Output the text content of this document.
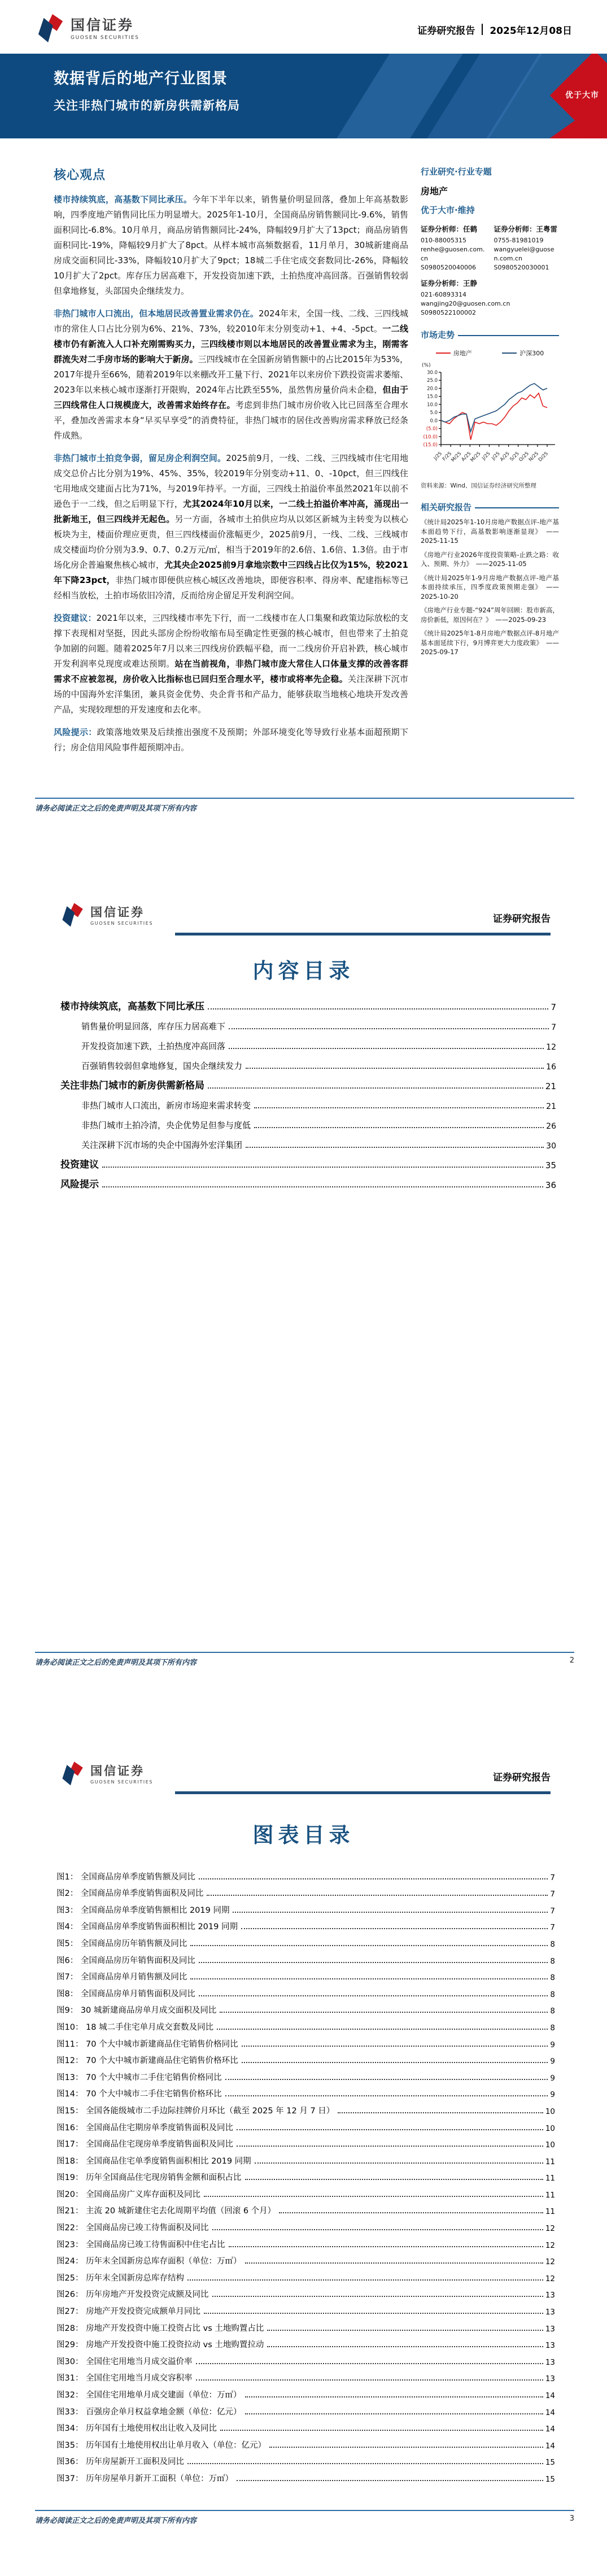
国信证券
GUOSEN SECURITIES
证券研究报告 2025年12月08日
优于大市
数据背后的地产行业图景
关注非热门城市的新房供需新格局
核心观点

楼市持续筑底，高基数下同比承压。今年下半年以来，销售量价明显回落，叠加上年高基数影响，四季度地产销售同比压力明显增大。2025年1-10月，全国商品房销售额同比-9.6%，销售面积同比-6.8%。10月单月，商品房销售额同比-24%，降幅较9月扩大了13pct；商品房销售面积同比-19%，降幅较9月扩大了8pct。从样本城市高频数据看，11月单月，30城新建商品房成交面积同比-33%，降幅较10月扩大了9pct；18城二手住宅成交套数同比-26%，降幅较10月扩大了2pct。库存压力居高难下，开发投资加速下跌，土拍热度冲高回落。百强销售较弱但拿地修复，头部国央企继续发力。

非热门城市人口流出，但本地居民改善置业需求仍在。2024年末，全国一线、二线、三四线城市的常住人口占比分别为6%、21%、73%，较2010年末分别变动+1、+4、-5pct。一二线楼市仍有新流入人口补充刚需购买力，三四线楼市则以本地居民的改善置业需求为主，刚需客群流失对二手房市场的影响大于新房。三四线城市在全国新房销售额中的占比2015年为53%，2017年提升至66%，随着2019年以来棚改开工量下行、2021年以来房价下跌投资需求萎缩、2023年以来核心城市逐渐打开限购，2024年占比跌至55%，虽然售房量价尚未企稳，但由于三四线常住人口规模庞大，改善需求始终存在。考虑到非热门城市房价收入比已回落至合理水平，叠加改善需求本身“早买早享受”的消费特征，非热门城市的居住改善购房需求释放已经条件成熟。

非热门城市土拍竞争弱，留足房企利润空间。2025前9月，一线、二线、三四线城市住宅用地成交总价占比分别为19%、45%、35%，较2019年分别变动+11、0、-10pct，但三四线住宅用地成交建面占比为71%，与2019年持平。一方面，三四线土拍溢价率虽然2021年以前不逊色于一二线，但之后明显下行，尤其2024年10月以来，一二线土拍溢价率冲高，涌现出一批新地王，但三四线并无起色。另一方面，各城市土拍供应均从以郊区新城为主转变为以核心板块为主，楼面价理应更贵，但三四线楼面价涨幅更少，2025前9月，一线、二线、三线城市成交楼面均价分别为3.9、0.7、0.2万元/㎡，相当于2019年的2.6倍、1.6倍、1.3倍。由于市场化房企普遍聚焦核心城市，尤其央企2025前9月拿地宗数中三四线占比仅为15%，较2021年下降23pct，非热门城市即便供应核心城区改善地块，即便容积率、得房率、配建指标等已经相当放松，土拍市场依旧冷清，反而给房企留足开发利润空间。

投资建议：2021年以来，三四线楼市率先下行，而一二线楼市在人口集聚和政策边际放松的支撑下表现相对坚挺，因此头部房企纷纷收缩布局至确定性更强的核心城市，但也带来了土拍竞争加剧的问题。随着2025年7月以来三四线房价跌幅平稳，而一二线房价开启补跌，核心城市开发利润率兑现度或难达预期。站在当前视角，非热门城市庞大常住人口体量支撑的改善客群需求不应被忽视，房价收入比指标也已回归至合理水平，楼市或将率先企稳。关注深耕下沉市场的中国海外宏洋集团，兼具资金优势、央企背书和产品力，能够获取当地核心地块开发改善产品，实现较理想的开发速度和去化率。

风险提示：政策落地效果及后续推出强度不及预期；外部环境变化等导致行业基本面超预期下行；房企信用风险事件超预期冲击。

行业研究·行业专题
房地产
优于大市·维持
证券分析师：任鹤
010-88005315
renhe@guosen.com.cn
S0980520040006
证券分析师：王粤雷
0755-81981019
wangyuelei@guosen.com.cn
S0980520030001
证券分析师：王静
021-60893314
wangjing20@guosen.com.cn
S0980522100002
市场走势
房地产	沪深300
(%)
30.0
25.0
20.0
15.0
10.0
5.0
0.0
(5.0)
(10.0)
(15.0)
J/25
F/25
M/25
A/25
M/25
J/25
J/25
A/25
S/25
O/25
N/25
D/25
资料来源：Wind、国信证券经济研究所整理
相关研究报告

《统计局2025年1-10月房地产数据点评-地产基本面趋势下行，高基数影响逐渐显现》　——2025-11-15

《房地产行业2026年度投资策略-止跌之路：收入、预期、外力》　——2025-11-05

《统计局2025年1-9月房地产数据点评-地产基本面持续承压，四季度政策预期走强》　——2025-10-20

《房地产行业专题-“924”周年回顾：股市新高，房价新低，原因何在？》　——2025-09-23

《统计局2025年1-8月房地产数据点评-8月地产基本面延续下行，9月博弈更大力度政策》　——2025-09-17

请务必阅读正文之后的免责声明及其项下所有内容
国信证券
GUOSEN SECURITIES	证券研究报告
内容目录
楼市持续筑底，高基数下同比承压	7
销售量价明显回落，库存压力居高难下	7
开发投资加速下跌，土拍热度冲高回落	12
百强销售较弱但拿地修复，国央企继续发力	16
关注非热门城市的新房供需新格局	21
非热门城市人口流出，新房市场迎来需求转变	21
非热门城市土拍冷清，央企优势足但参与度低	26
关注深耕下沉市场的央企中国海外宏洋集团	30
投资建议	35
风险提示	36
请务必阅读正文之后的免责声明及其项下所有内容	2
国信证券
GUOSEN SECURITIES	证券研究报告
图表目录
图1： 全国商品房单季度销售额及同比	7
图2： 全国商品房单季度销售面积及同比	7
图3： 全国商品房单季度销售额相比 2019 同期	7
图4： 全国商品房单季度销售面积相比 2019 同期	7
图5： 全国商品房历年销售额及同比	8
图6： 全国商品房历年销售面积及同比	8
图7： 全国商品房单月销售额及同比	8
图8： 全国商品房单月销售面积及同比	8
图9： 30 城新建商品房单月成交面积及同比	8
图10： 18 城二手住宅单月成交套数及同比	8
图11： 70 个大中城市新建商品住宅销售价格同比	9
图12： 70 个大中城市新建商品住宅销售价格环比	9
图13： 70 个大中城市二手住宅销售价格同比	9
图14： 70 个大中城市二手住宅销售价格环比	9
图15： 全国各能级城市二手边际挂牌价月环比（截至 2025 年 12 月 7 日）	10
图16： 全国商品住宅期房单季度销售面积及同比	10
图17： 全国商品住宅现房单季度销售面积及同比	10
图18： 全国商品住宅单季度销售面积相比 2019 同期	11
图19： 历年全国商品住宅现房销售金额和面积占比	11
图20： 全国商品房广义库存面积及同比	11
图21： 主流 20 城新建住宅去化周期平均值（回滚 6 个月）	11
图22： 全国商品房已竣工待售面积及同比	12
图23： 全国商品房已竣工待售面积中住宅占比	12
图24： 历年末全国新房总库存面积（单位：万㎡）	12
图25： 历年末全国新房总库存结构	12
图26： 历年房地产开发投资完成额及同比	13
图27： 房地产开发投资完成额单月同比	13
图28： 房地产开发投资中施工投资占比 vs 土地购置占比	13
图29： 房地产开发投资中施工投资拉动 vs 土地购置拉动	13
图30： 全国住宅用地当月成交溢价率	13
图31： 全国住宅用地当月成交容积率	13
图32： 全国住宅用地单月成交建面（单位：万㎡）	14
图33： 百强房企单月权益拿地金额（单位：亿元）	14
图34： 历年国有土地使用权出让收入及同比	14
图35： 历年国有土地使用权出让单月收入（单位：亿元）	14
图36： 历年房屋新开工面积及同比	15
图37： 历年房屋单月新开工面积（单位：万㎡）	15
请务必阅读正文之后的免责声明及其项下所有内容	3
